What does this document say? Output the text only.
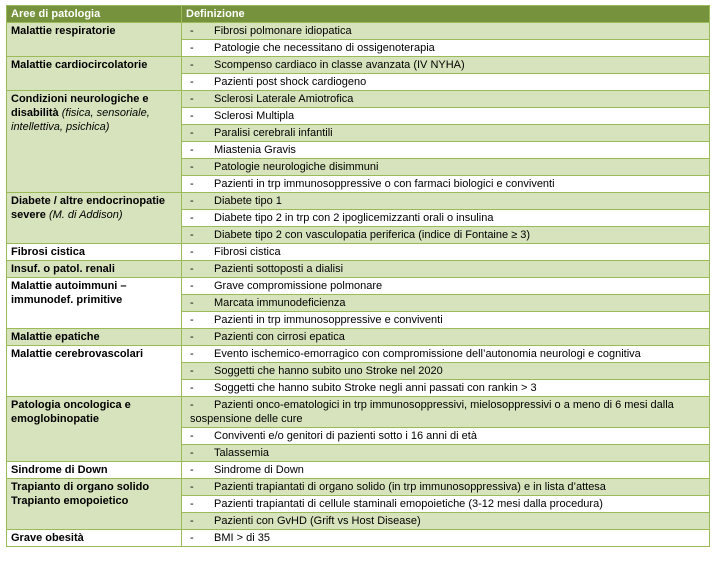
Aree di patologia	Definizione
Malattie respiratorie	- Fibrosi polmonare idiopatica
	- Patologie che necessitano di ossigenoterapia
Malattie cardiocircolatorie	- Scompenso cardiaco in classe avanzata (IV NYHA)
	- Pazienti post shock cardiogeno
Condizioni neurologiche e disabilità (fisica, sensoriale, intellettiva, psichica)	- Sclerosi Laterale Amiotrofica
	- Sclerosi Multipla
	- Paralisi cerebrali infantili
	- Miastenia Gravis
	- Patologie neurologiche disimmuni
	- Pazienti in trp immunosoppressive o con farmaci biologici e conviventi
Diabete / altre endocrinopatie severe (M. di Addison)	- Diabete tipo 1
	- Diabete tipo 2 in trp con 2 ipoglicemizzanti orali o insulina
	- Diabete tipo 2 con vasculopatia periferica (indice di Fontaine ≥ 3)
Fibrosi cistica	- Fibrosi cistica
Insuf. o patol. renali	- Pazienti sottoposti a dialisi
Malattie autoimmuni – immunodef. primitive	- Grave compromissione polmonare
	- Marcata immunodeficienza
	- Pazienti in trp immunosoppressive e conviventi
Malattie epatiche	- Pazienti con cirrosi epatica
Malattie cerebrovascolari	- Evento ischemico-emorragico con compromissione dell’autonomia neurologi e cognitiva
	- Soggetti che hanno subito uno Stroke nel 2020
	- Soggetti che hanno subito Stroke negli anni passati con rankin > 3
Patologia oncologica e emoglobinopatie	- Pazienti onco-ematologici in trp immunosoppressivi, mielosoppressivi o a meno di 6 mesi dalla sospensione delle cure
	- Conviventi e/o genitori di pazienti sotto i 16 anni di età
	- Talassemia
Sindrome di Down	- Sindrome di Down
Trapianto di organo solido Trapianto emopoietico	- Pazienti trapiantati di organo solido (in trp immunosoppressiva) e in lista d’attesa
	- Pazienti trapiantati di cellule staminali emopoietiche (3-12 mesi dalla procedura)
	- Pazienti con GvHD (Grift vs Host Disease)
Grave obesità	- BMI > di 35
